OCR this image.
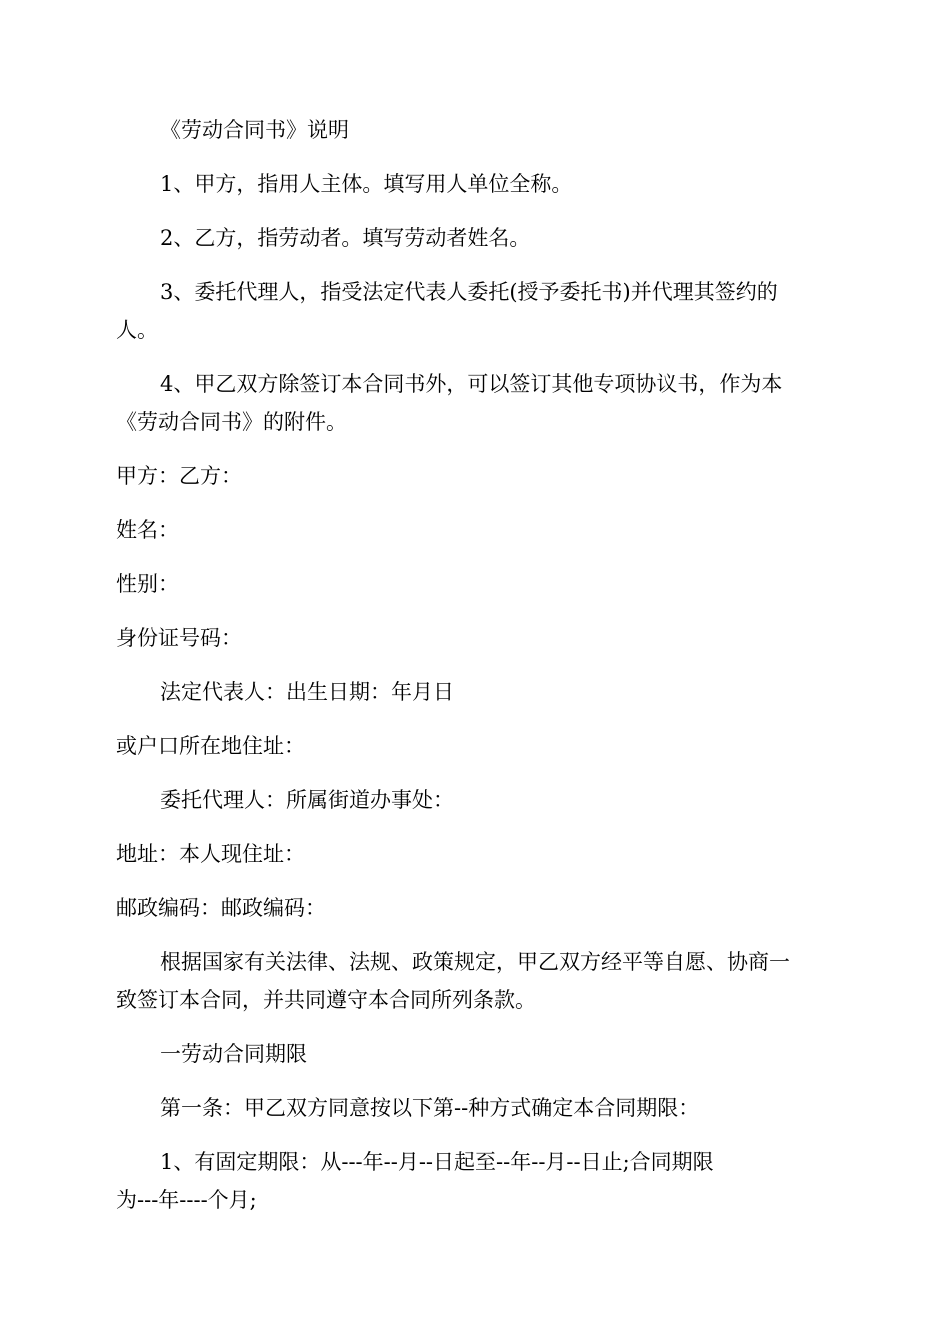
《劳动合同书》说明

1、甲方，指用人主体。填写用人单位全称。

2、乙方，指劳动者。填写劳动者姓名。

3、委托代理人，指受法定代表人委托(授予委托书)并代理其签约的

人。

4、甲乙双方除签订本合同书外，可以签订其他专项协议书，作为本

《劳动合同书》的附件。

甲方：乙方：

姓名：

性别：

身份证号码：

法定代表人：出生日期：年月日

或户口所在地住址：

委托代理人：所属街道办事处：

地址：本人现住址：

邮政编码：邮政编码：

根据国家有关法律、法规、政策规定，甲乙双方经平等自愿、协商一

致签订本合同，并共同遵守本合同所列条款。

一劳动合同期限

第一条：甲乙双方同意按以下第--种方式确定本合同期限：

1、有固定期限：从---年--月--日起至--年--月--日止;合同期限

为---年----个月;
